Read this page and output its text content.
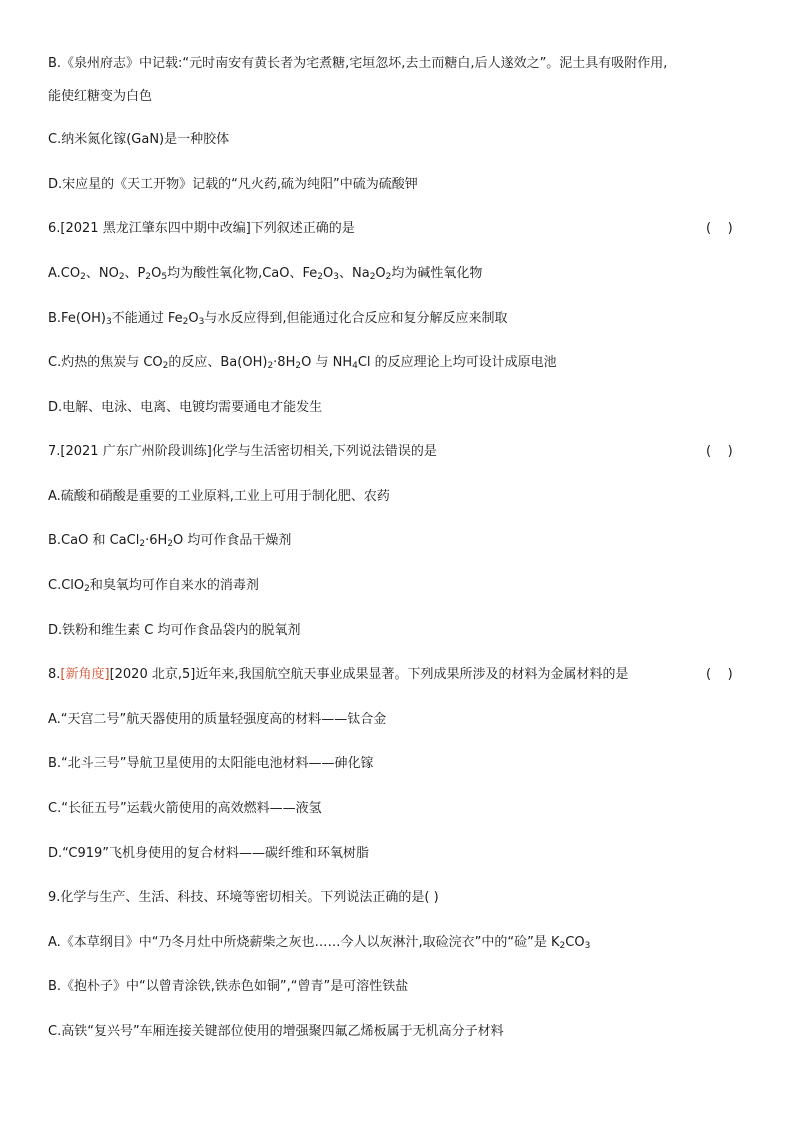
B.《泉州府志》中记载:“元时南安有黄长者为宅煮糖,宅垣忽坏,去土而糖白,后人遂效之”。泥土具有吸附作用,
能使红糖变为白色
C.纳米氮化镓(GaN)是一种胶体
D.宋应星的《天工开物》记载的“凡火药,硫为纯阳”中硫为硫酸钾
6.[2021 黑龙江肇东四中期中改编]下列叙述正确的是	(    )
$A.CO_2$、$NO_2$、$P_2O_5$均为酸性氧化物,CaO、$Fe_2O_3$、$Na_2O_2$均为碱性氧化物
$B.Fe(OH)_3$不能通过 $Fe_2O_3$与水反应得到,但能通过化合反应和复分解反应来制取
C.灼热的焦炭与 $CO_2$的反应、$Ba(OH)_2\cdot 8H_2O$ 与 $NH_4Cl$ 的反应理论上均可设计成原电池
D.电解、电泳、电离、电镀均需要通电才能发生
7.[2021 广东广州阶段训练]化学与生活密切相关,下列说法错误的是	(    )
A.硫酸和硝酸是重要的工业原料,工业上可用于制化肥、农药
B.CaO 和 $CaCl_2\cdot 6H_2O$ 均可作食品干燥剂
C.ClO$_2$和臭氧均可作自来水的消毒剂
D.铁粉和维生素 C 均可作食品袋内的脱氧剂
8.[新角度][2020 北京,5]近年来,我国航空航天事业成果显著。下列成果所涉及的材料为金属材料的是	(    )
A.“天宫二号”航天器使用的质量轻强度高的材料——钛合金
B.“北斗三号”导航卫星使用的太阳能电池材料——砷化镓
C.“长征五号”运载火箭使用的高效燃料——液氢
D.“C919”飞机身使用的复合材料——碳纤维和环氧树脂
9.化学与生产、生活、科技、环境等密切相关。下列说法正确的是( )
A.《本草纲目》中“乃冬月灶中所烧薪柴之灰也……今人以灰淋汁,取硷浣衣”中的“硷”是 $K_2CO_3$
B.《抱朴子》中“以曾青涂铁,铁赤色如铜”,“曾青”是可溶性铁盐
C.高铁“复兴号”车厢连接关键部位使用的增强聚四氟乙烯板属于无机高分子材料
